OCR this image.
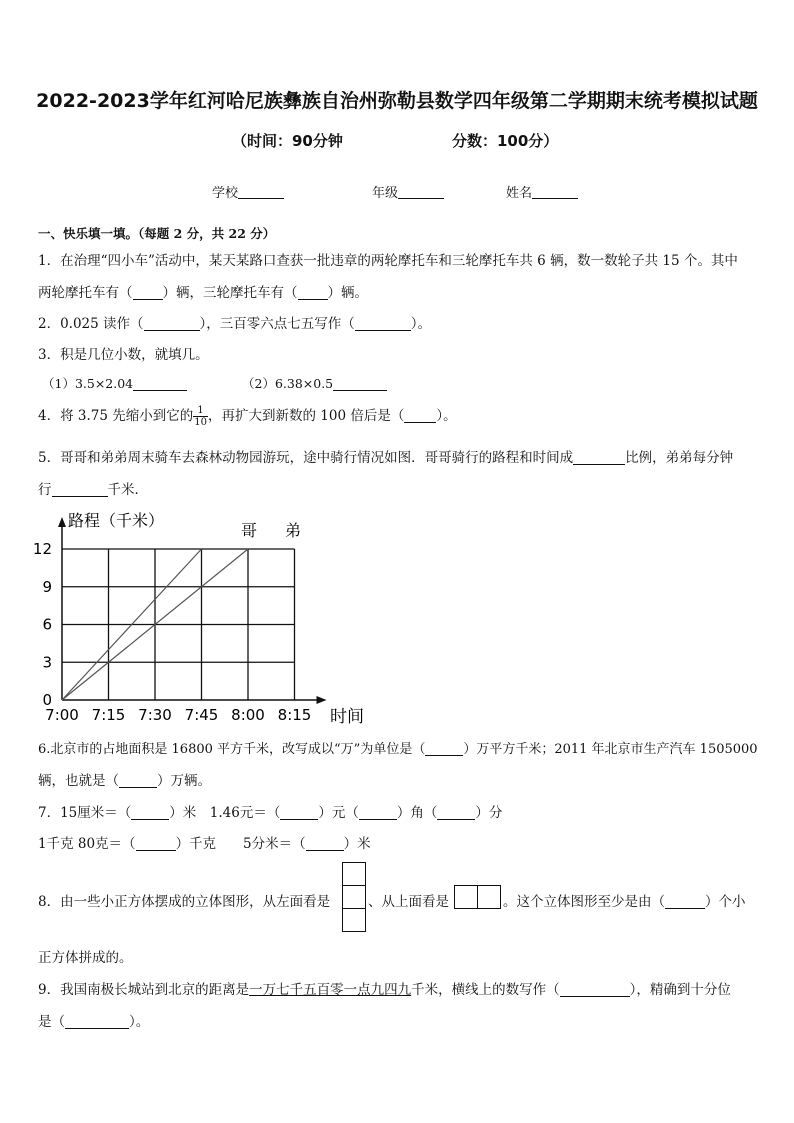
2022-2023学年红河哈尼族彝族自治州弥勒县数学四年级第二学期期末统考模拟试题
（时间：90分钟	分数：100分）
学校	年级	姓名
一、快乐填一填。（每题 2 分，共 22 分）
1．在治理“四小车”活动中，某天某路口查获一批违章的两轮摩托车和三轮摩托车共 6 辆，数一数轮子共 15 个。其中
两轮摩托车有（ ）辆，三轮摩托车有（ ）辆。
2．0.025 读作（	），三百零六点七五写作（	）。
3．积是几位小数，就填几。
（1）3.5×2.04	（2）6.38×0.5
4．将 3.75 先缩小到它的 $\frac{1}{10}$ ，再扩大到新数的 100 倍后是（ ）。
5．哥哥和弟弟周末骑车去森林动物园游玩，途中骑行情况如图．哥哥骑行的路程和时间成	比例，弟弟每分钟
行	千米．
7:00 7:15 7:30 7:45 8:00 8:15
0
3
6
9
12
路程（千米）
时间
哥 弟
6.北京市的占地面积是 16800 平方千米，改写成以“万”为单位是（	）万平方千米；2011 年北京市生产汽车 1505000
辆，也就是（	）万辆。
7．15厘米＝（	）米　1.46元＝（	）元（	）角（	）分
1千克 80克＝（	）千克　　5分米＝（	）米
8．由一些小正方体摆成的立体图形，从左面看是	、从上面看是	。这个立体图形至少是由（	）个小
正方体拼成的。
9．我国南极长城站到北京的距离是一万七千五百零一点九四九千米，横线上的数写作（	），精确到十分位
是（	）。
